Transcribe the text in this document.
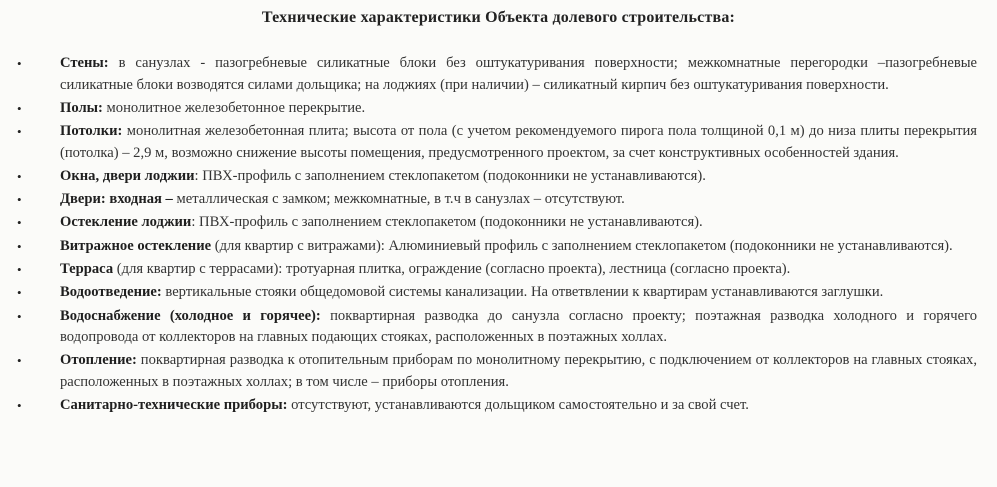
Технические характеристики Объекта долевого строительства:
•	Стены: в санузлах - пазогребневые силикатные блоки без оштукатуривания поверхности; межкомнатные перегородки –пазогребневые силикатные блоки возводятся силами дольщика; на лоджиях (при наличии) – силикатный кирпич без оштукатуривания поверхности.
•	Полы: монолитное железобетонное перекрытие.
•	Потолки: монолитная железобетонная плита; высота от пола (с учетом рекомендуемого пирога пола толщиной 0,1 м) до низа плиты перекрытия (потолка) – 2,9 м, возможно снижение высоты помещения, предусмотренного проектом, за счет конструктивных особенностей здания.
•	Окна, двери лоджии: ПВХ-профиль с заполнением стеклопакетом (подоконники не устанавливаются).
•	Двери: входная – металлическая с замком; межкомнатные, в т.ч в санузлах – отсутствуют.
•	Остекление лоджии: ПВХ-профиль с заполнением стеклопакетом (подоконники не устанавливаются).
•	Витражное остекление (для квартир с витражами): Алюминиевый профиль с заполнением стеклопакетом (подоконники не устанавливаются).
•	Терраса (для квартир с террасами): тротуарная плитка, ограждение (согласно проекта), лестница (согласно проекта).
•	Водоотведение: вертикальные стояки общедомовой системы канализации. На ответвлении к квартирам устанавливаются заглушки.
•	Водоснабжение (холодное и горячее): поквартирная разводка до санузла согласно проекту; поэтажная разводка холодного и горячего водопровода от коллекторов на главных подающих стояках, расположенных в поэтажных холлах.
•	Отопление: поквартирная разводка к отопительным приборам по монолитному перекрытию, с подключением от коллекторов на главных стояках, расположенных в поэтажных холлах; в том числе – приборы отопления.
•	Санитарно-технические приборы: отсутствуют, устанавливаются дольщиком самостоятельно и за свой счет.
